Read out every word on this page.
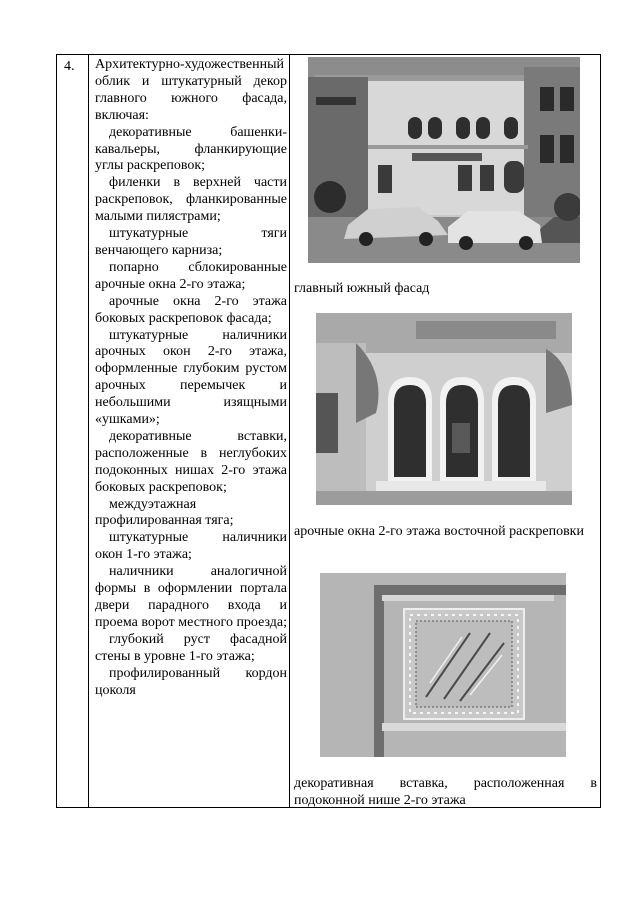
4. Архитектурно-художественный облик и штукатурный декор главного южного фасада, включая:

декоративные башенки-кавальеры, фланкирующие углы раскреповок;

филенки в верхней части раскреповок, фланкированные малыми пилястрами;

штукатурные тяги венчающего карниза;

попарно сблокированные арочные окна 2-го этажа;

арочные окна 2-го этажа боковых раскреповок фасада;

штукатурные наличники арочных окон 2-го этажа, оформленные глубоким рустом арочных перемычек и небольшими изящными «ушками»;

декоративные вставки, расположенные в неглубоких подоконных нишах 2-го этажа боковых раскреповок;

междуэтажная профилированная тяга;

штукатурные наличники окон 1-го этажа;

наличники аналогичной формы в оформлении портала двери парадного входа и проема ворот местного проезда;

глубокий руст фасадной стены в уровне 1-го этажа;

профилированный кордон цоколя

главный южный фасад
арочные окна 2-го этажа восточной раскреповки
декоративная вставка, расположенная в подоконной нише 2-го этажа
